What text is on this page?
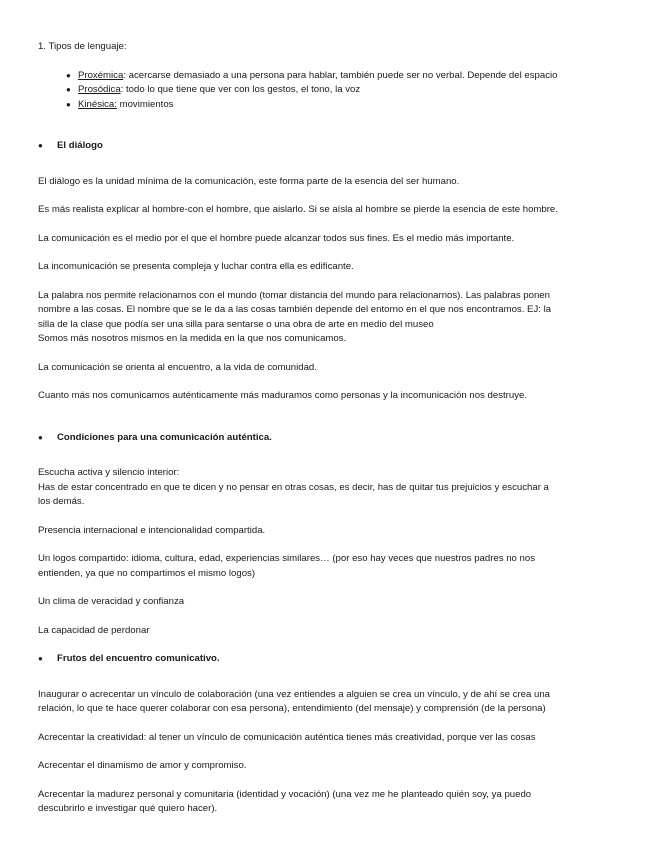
1. Tipos de lenguaje:

● Proxémica: acercarse demasiado a una persona para hablar, también puede ser no verbal. Depende del espacio
● Prosódica: todo lo que tiene que ver con los gestos, el tono, la voz
● Kinésica: movimientos

● El diálogo

El diálogo es la unidad mínima de la comunicación, este forma parte de la esencia del ser humano.

Es más realista explicar al hombre-con el hombre, que aislarlo. Si se aísla al hombre se pierde la esencia de este hombre.

La comunicación es el medio por el que el hombre puede alcanzar todos sus fines. Es el medio más importante.

La incomunicación se presenta compleja y luchar contra ella es edificante.

La palabra nos permite relacionarnos con el mundo (tomar distancia del mundo para relacionarnos). Las palabras ponen

nombre a las cosas. El nombre que se le da a las cosas también depende del entorno en el que nos encontramos. EJ: la

silla de la clase que podía ser una silla para sentarse o una obra de arte en medio del museo

Somos más nosotros mismos en la medida en la que nos comunicamos.

La comunicación se orienta al encuentro, a la vida de comunidad.

Cuanto más nos comunicamos auténticamente más maduramos como personas y la incomunicación nos destruye.

● Condiciones para una comunicación auténtica.

Escucha activa y silencio interior:

Has de estar concentrado en que te dicen y no pensar en otras cosas, es decir, has de quitar tus prejuicios y escuchar a

los demás.

Presencia internacional e intencionalidad compartida.

Un logos compartido: idioma, cultura, edad, experiencias similares… (por eso hay veces que nuestros padres no nos

entienden, ya que no compartimos el mismo logos)

Un clima de veracidad y confianza

La capacidad de perdonar

● Frutos del encuentro comunicativo.

Inaugurar o acrecentar un vínculo de colaboración (una vez entiendes a alguien se crea un vínculo, y de ahí se crea una

relación, lo que te hace querer colaborar con esa persona), entendimiento (del mensaje) y comprensión (de la persona)

Acrecentar la creatividad: al tener un vínculo de comunicación auténtica tienes más creatividad, porque ver las cosas

Acrecentar el dinamismo de amor y compromiso.

Acrecentar la madurez personal y comunitaria (identidad y vocación) (una vez me he planteado quién soy, ya puedo

descubrirlo e investigar qué quiero hacer).
